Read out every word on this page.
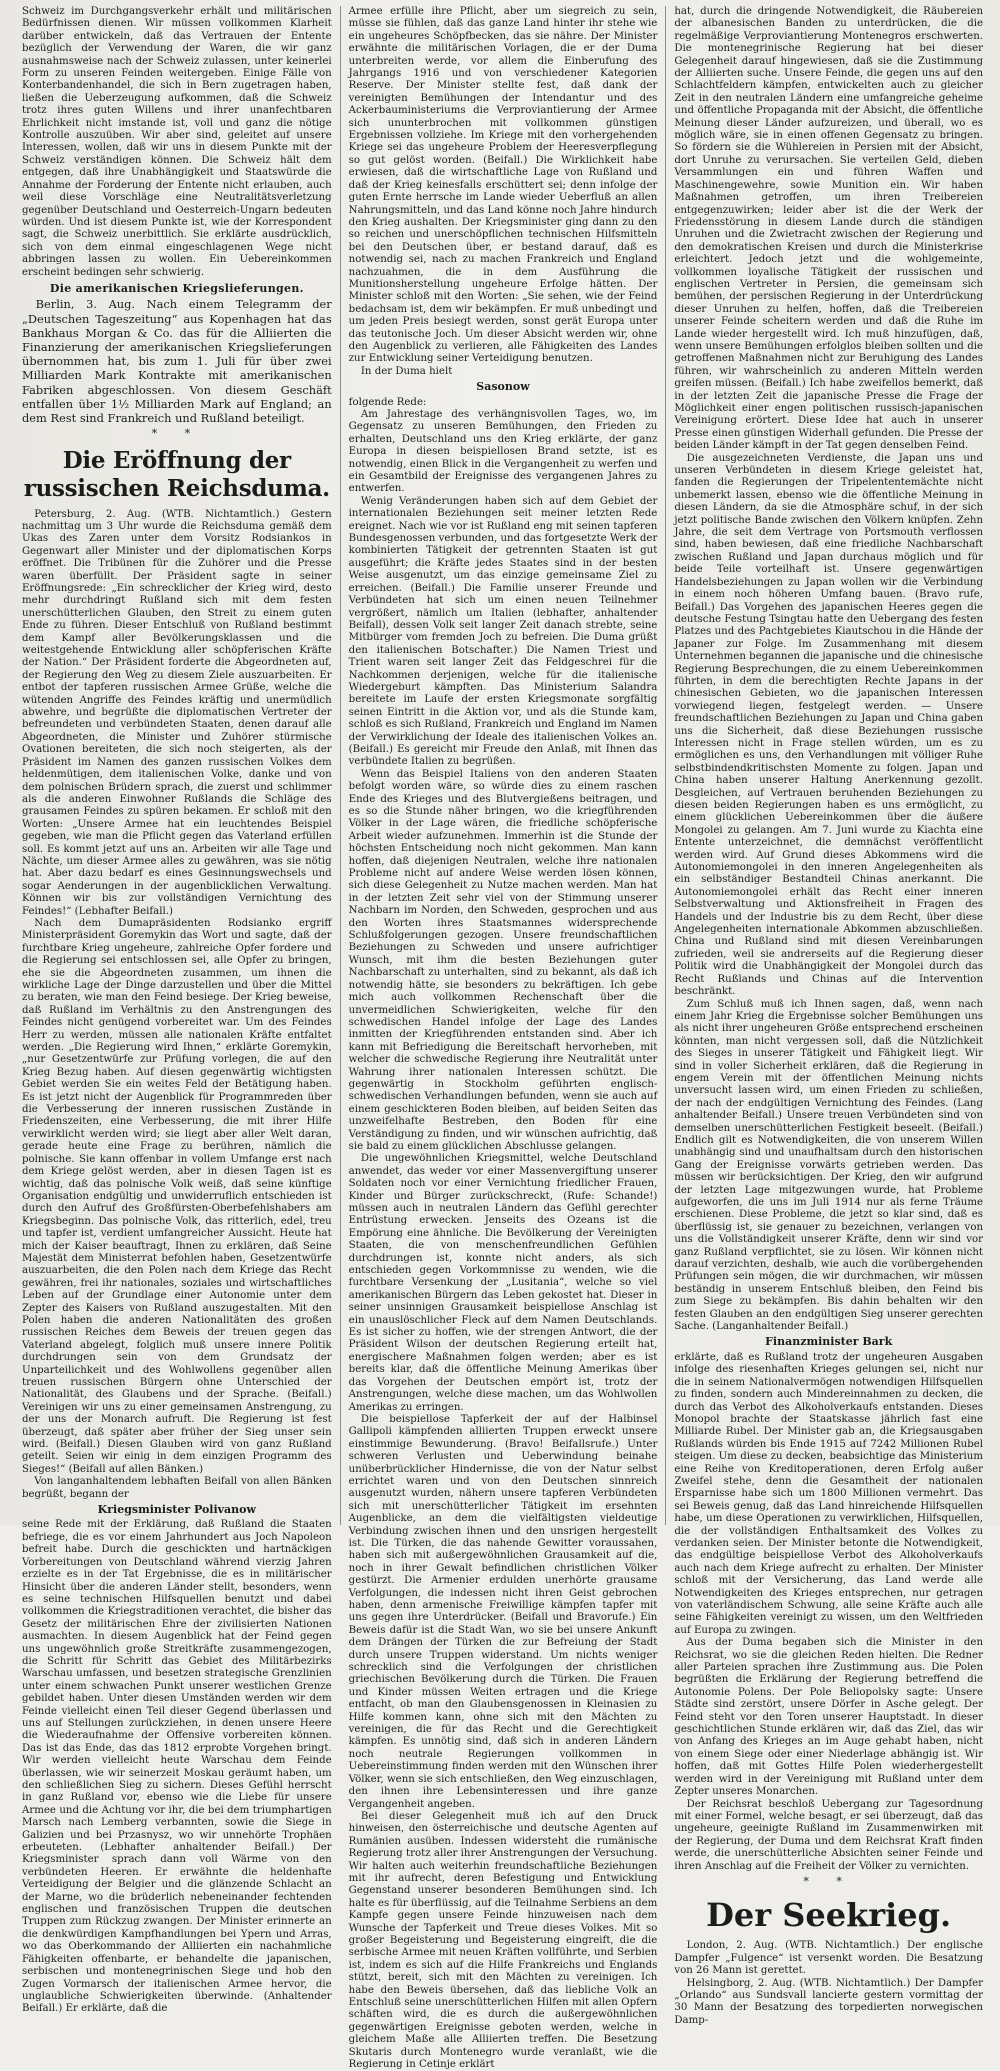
Schweiz im Durchgangsverkehr erhält und militärischen Bedürfnissen dienen. Wir müssen vollkommen Klarheit darüber entwickeln, daß das Vertrauen der Entente bezüglich der Verwendung der Waren, die wir ganz ausnahmsweise nach der Schweiz zulassen, unter keinerlei Form zu unseren Feinden weitergeben. Einige Fälle von Konterbandenhandel, die sich in Bern zugetragen haben, ließen die Ueberzeugung aufkommen, daß die Schweiz trotz ihres guten Willens und ihrer unanfechtbaren Ehrlichkeit nicht imstande ist, voll und ganz die nötige Kontrolle auszuüben. Wir aber sind, geleitet auf unsere Interessen, wollen, daß wir uns in diesem Punkte mit der Schweiz verständigen können. Die Schweiz hält dem entgegen, daß ihre Unabhängigkeit und Staatswürde die Annahme der Forderung der Entente nicht erlauben, auch weil diese Vorschläge eine Neutralitätsverletzung gegenüber Deutschland und Oesterreich-Ungarn bedeuten würden. Und ist diesem Punkte ist, wie der Korrespondent sagt, die Schweiz unerbittlich. Sie erklärte ausdrücklich, sich von dem einmal eingeschlagenen Wege nicht abbringen lassen zu wollen. Ein Uebereinkommen erscheint bedingen sehr schwierig.

Die amerikanischen Kriegslieferungen.

Berlin, 3. Aug. Nach einem Telegramm der „Deutschen Tageszeitung“ aus Kopenhagen hat das Bankhaus Morgan & Co. das für die Alliierten die Finanzierung der amerikanischen Kriegslieferungen übernommen hat, bis zum 1. Juli für über zwei Milliarden Mark Kontrakte mit amerikanischen Fabriken abgeschlossen. Von diesem Geschäft entfallen über 1½ Milliarden Mark auf England; an dem Rest sind Frankreich und Rußland beteiligt.

* *
Die Eröffnung der russischen Reichsduma.

Petersburg, 2. Aug. (WTB. Nichtamtlich.) Gestern nachmittag um 3 Uhr wurde die Reichsduma gemäß dem Ukas des Zaren unter dem Vorsitz Rodsiankos in Gegenwart aller Minister und der diplomatischen Korps eröffnet. Die Tribünen für die Zuhörer und die Presse waren überfüllt. Der Präsident sagte in seiner Eröffnungsrede: „Ein schrecklicher der Krieg wird, desto mehr durchdringt Rußland sich mit dem festen unerschütterlichen Glauben, den Streit zu einem guten Ende zu führen. Dieser Entschluß von Rußland bestimmt dem Kampf aller Bevölkerungsklassen und die weitestgehende Entwicklung aller schöpferischen Kräfte der Nation.“ Der Präsident forderte die Abgeordneten auf, der Regierung den Weg zu diesem Ziele auszuarbeiten. Er entbot der tapferen russischen Armee Grüße, welche die wütenden Angriffe des Feindes kräftig und unermüdlich abwehre, und begrüßte die diplomatischen Vertreter der befreundeten und verbündeten Staaten, denen darauf alle Abgeordneten, die Minister und Zuhörer stürmische Ovationen bereiteten, die sich noch steigerten, als der Präsident im Namen des ganzen russischen Volkes dem heldenmütigen, dem italienischen Volke, danke und von dem polnischen Brüdern sprach, die zuerst und schlimmer als die anderen Einwohner Rußlands die Schläge des grausamen Feindes zu spüren bekamen. Er schloß mit den Worten: „Unsere Armee hat ein leuchtendes Beispiel gegeben, wie man die Pflicht gegen das Vaterland erfüllen soll. Es kommt jetzt auf uns an. Arbeiten wir alle Tage und Nächte, um dieser Armee alles zu gewähren, was sie nötig hat. Aber dazu bedarf es eines Gesinnungswechsels und sogar Aenderungen in der augenblicklichen Verwaltung. Können wir bis zur vollständigen Vernichtung des Feindes!“ (Lebhafter Beifall.)

Nach dem Dumapräsidenten Rodsianko ergriff Ministerpräsident Goremykin das Wort und sagte, daß der furchtbare Krieg ungeheure, zahlreiche Opfer fordere und die Regierung sei entschlossen sei, alle Opfer zu bringen, ehe sie die Abgeordneten zusammen, um ihnen die wirkliche Lage der Dinge darzustellen und über die Mittel zu beraten, wie man den Feind besiege. Der Krieg beweise, daß Rußland im Verhältnis zu den Anstrengungen des Feindes nicht genügend vorbereitet war. Um des Feindes Herr zu werden, müssen alle nationalen Kräfte entfaltet werden. „Die Regierung wird Ihnen,“ erklärte Goremykin, „nur Gesetzentwürfe zur Prüfung vorlegen, die auf den Krieg Bezug haben. Auf diesen gegenwärtig wichtigsten Gebiet werden Sie ein weites Feld der Betätigung haben. Es ist jetzt nicht der Augenblick für Programmreden über die Verbesserung der inneren russischen Zustände in Friedenszeiten, eine Verbesserung, die mit ihrer Hilfe verwirklicht werden wird; sie liegt aber aller Welt daran, gerade heute eine Frage zu berühren, nämlich die polnische. Sie kann offenbar in vollem Umfange erst nach dem Kriege gelöst werden, aber in diesen Tagen ist es wichtig, daß das polnische Volk weiß, daß seine künftige Organisation endgültig und unwiderruflich entschieden ist durch den Aufruf des Großfürsten-Oberbefehlshabers am Kriegsbeginn. Das polnische Volk, das ritterlich, edel, treu und tapfer ist, verdient umfangreicher Aussicht. Heute hat mich der Kaiser beauftragt, Ihnen zu erklären, daß Seine Majestät dem Ministerrat befohlen haben, Gesetzentwürfe auszuarbeiten, die den Polen nach dem Kriege das Recht gewähren, frei ihr nationales, soziales und wirtschaftliches Leben auf der Grundlage einer Autonomie unter dem Zepter des Kaisers von Rußland auszugestalten. Mit den Polen haben die anderen Nationalitäten des großen russischen Reiches dem Beweis der treuen gegen das Vaterland abgelegt, folglich muß unsere innere Politik durchdrungen sein von dem Grundsatz der Unparteilichkeit und des Wohlwollens gegenüber allen treuen russischen Bürgern ohne Unterschied der Nationalität, des Glaubens und der Sprache. (Beifall.) Vereinigen wir uns zu einer gemeinsamen Anstrengung, zu der uns der Monarch aufruft. Die Regierung ist fest überzeugt, daß später aber früher der Sieg unser sein wird. (Beifall.) Diesen Glauben wird von ganz Rußland geteilt. Seien wir einig in dem einzigen Programm des Sieges!“ (Beifall auf allen Bänken.)

Von langanhaltendem lebhaften Beifall von allen Bänken begrüßt, begann der

Kriegsminister Polivanow

seine Rede mit der Erklärung, daß Rußland die Staaten befriege, die es vor einem Jahrhundert aus Joch Napoleon befreit habe. Durch die geschickten und hartnäckigen Vorbereitungen von Deutschland während vierzig Jahren erzielte es in der Tat Ergebnisse, die es in militärischer Hinsicht über die anderen Länder stellt, besonders, wenn es seine technischen Hilfsquellen benutzt und dabei vollkommen die Kriegstraditionen verachtet, die bisher das Gesetz der militärischen Ehre der zivilisierten Nationen ausmachten. In diesem Augenblick hat der Feind gegen uns ungewöhnlich große Streitkräfte zusammengezogen, die Schritt für Schritt das Gebiet des Militärbezirks Warschau umfassen, und besetzen strategische Grenzlinien unter einem schwachen Punkt unserer westlichen Grenze gebildet haben. Unter diesen Umständen werden wir dem Feinde vielleicht einen Teil dieser Gegend überlassen und uns auf Stellungen zurückziehen, in denen unsere Heere die Wiederaufnahme der Offensive vorbereiten können. Das ist das Ende, das das 1812 erprobte Vorgehen bringt. Wir werden vielleicht heute Warschau dem Feinde überlassen, wie wir seinerzeit Moskau geräumt haben, um den schließlichen Sieg zu sichern. Dieses Gefühl herrscht in ganz Rußland vor, ebenso wie die Liebe für unsere Armee und die Achtung vor ihr, die bei dem triumphartigen Marsch nach Lemberg verbannten, sowie die Siege in Galizien und bei Przasnysz, wo wir unnehörte Trophäen erbeuteten. (Lebhafter anhaltender Beifall.) Der Kriegsminister sprach dann voll Wärme von den verbündeten Heeren. Er erwähnte die heldenhafte Verteidigung der Belgier und die glänzende Schlacht an der Marne, wo die brüderlich nebeneinander fechtenden englischen und französischen Truppen die deutschen Truppen zum Rückzug zwangen. Der Minister erinnerte an die denkwürdigen Kampfhandlungen bei Ypern und Arras, wo das Oberkommando der Alliierten ein nachahmliche Fähigkeiten offenbarte, er behandelte die japanischen, serbischen und montenegrinischen Siege und hob den Zugen Vormarsch der italienischen Armee hervor, die unglaubliche Schwierigkeiten überwinde. (Anhaltender Beifall.) Er erklärte, daß die

Armee erfülle ihre Pflicht, aber um siegreich zu sein, müsse sie fühlen, daß das ganze Land hinter ihr stehe wie ein ungeheures Schöpfbecken, das sie nähre. Der Minister erwähnte die militärischen Vorlagen, die er der Duma unterbreiten werde, vor allem die Einberufung des Jahrgangs 1916 und von verschiedener Kategorien Reserve. Der Minister stellte fest, daß dank der vereinigten Bemühungen der Intendantur und des Ackerbauministeriums die Verproviantierung der Armee sich ununterbrochen mit vollkommen günstigen Ergebnissen vollziehe. Im Kriege mit den vorhergehenden Kriege sei das ungeheure Problem der Heeresverpflegung so gut gelöst worden. (Beifall.) Die Wirklichkeit habe erwiesen, daß die wirtschaftliche Lage von Rußland und daß der Krieg keinesfalls erschüttert sei; denn infolge der guten Ernte herrsche im Lande wieder Ueberfluß an allen Nahrungsmitteln, und das Land könne noch Jahre hindurch den Krieg aushalten. Der Kriegsminister ging dann zu den so reichen und unerschöpflichen technischen Hilfsmitteln bei den Deutschen über, er bestand darauf, daß es notwendig sei, nach zu machen Frankreich und England nachzuahmen, die in dem Ausführung die Munitionsherstellung ungeheure Erfolge hätten. Der Minister schloß mit den Worten: „Sie sehen, wie der Feind bedachsam ist, dem wir bekämpfen. Er muß unbedingt und um jeden Preis besiegt werden, sonst gerät Europa unter das teutonische Joch. Um dieser Absicht werden wir, ohne den Augenblick zu verlieren, alle Fähigkeiten des Landes zur Entwicklung seiner Verteidigung benutzen.

In der Duma hielt

Sasonow

folgende Rede:

Am Jahrestage des verhängnisvollen Tages, wo, im Gegensatz zu unseren Bemühungen, den Frieden zu erhalten, Deutschland uns den Krieg erklärte, der ganz Europa in diesen beispiellosen Brand setzte, ist es notwendig, einen Blick in die Vergangenheit zu werfen und ein Gesamtbild der Ereignisse des vergangenen Jahres zu entwerfen.

Wenig Veränderungen haben sich auf dem Gebiet der internationalen Beziehungen seit meiner letzten Rede ereignet. Nach wie vor ist Rußland eng mit seinen tapferen Bundesgenossen verbunden, und das fortgesetzte Werk der kombinierten Tätigkeit der getrennten Staaten ist gut ausgeführt; die Kräfte jedes Staates sind in der besten Weise ausgenutzt, um das einzige gemeinsame Ziel zu erreichen. (Beifall.) Die Familie unserer Freunde und Verbündeten hat sich um einen neuen Teilnehmer vergrößert, nämlich um Italien (lebhafter, anhaltender Beifall), dessen Volk seit langer Zeit danach strebte, seine Mitbürger vom fremden Joch zu befreien. Die Duma grüßt den italienischen Botschafter.) Die Namen Triest und Trient waren seit langer Zeit das Feldgeschrei für die Nachkommen derjenigen, welche für die italienische Wiedergeburt kämpften. Das Ministerium Salandra bereitete im Laufe der ersten Kriegsmonate sorgfältig seinen Eintritt in die Aktion vor, und als die Stunde kam, schloß es sich Rußland, Frankreich und England im Namen der Verwirklichung der Ideale des italienischen Volkes an. (Beifall.) Es gereicht mir Freude den Anlaß, mit Ihnen das verbündete Italien zu begrüßen.

Wenn das Beispiel Italiens von den anderen Staaten befolgt worden wäre, so würde dies zu einem raschen Ende des Krieges und des Blutvergießens beitragen, und es so die Stunde näher bringen, wo die kriegführenden Völker in der Lage wären, die friedliche schöpferische Arbeit wieder aufzunehmen. Immerhin ist die Stunde der höchsten Entscheidung noch nicht gekommen. Man kann hoffen, daß diejenigen Neutralen, welche ihre nationalen Probleme nicht auf andere Weise werden lösen können, sich diese Gelegenheit zu Nutze machen werden. Man hat in der letzten Zeit sehr viel von der Stimmung unserer Nachbarn im Norden, den Schweden, gesprochen und aus den Worten ihres Staatsmannes widersprechende Schlußfolgerungen gezogen. Unsere freundschaftlichen Beziehungen zu Schweden und unsere aufrichtiger Wunsch, mit ihm die besten Beziehungen guter Nachbarschaft zu unterhalten, sind zu bekannt, als daß ich notwendig hätte, sie besonders zu bekräftigen. Ich gebe mich auch vollkommen Rechenschaft über die unvermeidlichen Schwierigkeiten, welche für den schwedischen Handel infolge der Lage des Landes inmitten der Kriegführenden entstanden sind. Aber ich kann mit Befriedigung die Bereitschaft hervorheben, mit welcher die schwedische Regierung ihre Neutralität unter Wahrung ihrer nationalen Interessen schützt. Die gegenwärtig in Stockholm geführten englisch-schwedischen Verhandlungen befunden, wenn sie auch auf einem geschickteren Boden bleiben, auf beiden Seiten das unzweifelhafte Bestreben, den Boden für eine Verständigung zu finden, und wir wünschen aufrichtig, daß sie bald zu einem glücklichen Abschlusse gelangen.

Die ungewöhnlichen Kriegsmittel, welche Deutschland anwendet, das weder vor einer Massenvergiftung unserer Soldaten noch vor einer Vernichtung friedlicher Frauen, Kinder und Bürger zurückschreckt, (Rufe: Schande!) müssen auch in neutralen Ländern das Gefühl gerechter Entrüstung erwecken. Jenseits des Ozeans ist die Empörung eine ähnliche. Die Bevölkerung der Vereinigten Staaten, die von menschenfreundlichen Gefühlen durchdrungen ist, konnte nicht anders, als sich entschieden gegen Vorkommnisse zu wenden, wie die furchtbare Versenkung der „Lusitania“, welche so viel amerikanischen Bürgern das Leben gekostet hat. Dieser in seiner unsinnigen Grausamkeit beispiellose Anschlag ist ein unauslöschlicher Fleck auf dem Namen Deutschlands. Es ist sicher zu hoffen, wie der strengen Antwort, die der Präsident Wilson der deutschen Regierung erteilt hat, energischere Maßnahmen folgen werden; aber es ist bereits klar, daß die öffentliche Meinung Amerikas über das Vorgehen der Deutschen empört ist, trotz der Anstrengungen, welche diese machen, um das Wohlwollen Amerikas zu erringen.

Die beispiellose Tapferkeit der auf der Halbinsel Gallipoli kämpfenden alliierten Truppen erweckt unsere einstimmige Bewunderung. (Bravo! Beifallsrufe.) Unter schweren Verlusten und Ueberwindung beinahe unüberbrücklicher Hindernisse, die von der Natur selbst errichtet waren und von den Deutschen sinnreich ausgenutzt wurden, nähern unsere tapferen Verbündeten sich mit unerschütterlicher Tätigkeit im ersehnten Augenblicke, an dem die vielfältigsten vieldeutige Verbindung zwischen ihnen und den unsrigen hergestellt ist. Die Türken, die das nahende Gewitter voraussahen, haben sich mit außergewöhnlichen Grausamkeit auf die, noch in ihrer Gewalt befindlichen christlichen Völker gestürzt. Die Armenier erdulden unerhörte grausame Verfolgungen, die indessen nicht ihren Geist gebrochen haben, denn armenische Freiwillige kämpfen tapfer mit uns gegen ihre Unterdrücker. (Beifall und Bravorufe.) Ein Beweis dafür ist die Stadt Wan, wo sie bei unsere Ankunft dem Drängen der Türken die zur Befreiung der Stadt durch unsere Truppen widerstand. Um nichts weniger schrecklich sind die Verfolgungen der christlichen griechischen Bevölkerung durch die Türken. Die Frauen und Kinder müssen Weiten ertragen und die Kriege entfacht, ob man den Glaubensgenossen in Kleinasien zu Hilfe kommen kann, ohne sich mit den Mächten zu vereinigen, die für das Recht und die Gerechtigkeit kämpfen. Es unnötig sind, daß sich in anderen Ländern noch neutrale Regierungen vollkommen in Uebereinstimmung finden werden mit den Wünschen ihrer Völker, wenn sie sich entschließen, den Weg einzuschlagen, den ihnen ihre Lebensinteressen und ihre ganze Vergangenheit angeben.

Bei dieser Gelegenheit muß ich auf den Druck hinweisen, den österreichische und deutsche Agenten auf Rumänien ausüben. Indessen widersteht die rumänische Regierung trotz aller ihrer Anstrengungen der Versuchung. Wir halten auch weiterhin freundschaftliche Beziehungen mit ihr aufrecht, deren Befestigung und Entwicklung Gegenstand unserer besonderen Bemühungen sind. Ich halte es für überflüssig, auf die Teilnahme Serbiens an dem Kampfe gegen unsere Feinde hinzuweisen nach dem Wunsche der Tapferkeit und Treue dieses Volkes. Mit so großer Begeisterung und Begeisterung eingreift, die die serbische Armee mit neuen Kräften vollführte, und Serbien ist, indem es sich auf die Hilfe Frankreichs und Englands stützt, bereit, sich mit den Mächten zu vereinigen. Ich habe den Beweis übersehen, daß das liebliche Volk an Entschluß seine unerschütterlichen Hilfen mit allen Opfern schäften wird, die es durch die außergewöhnlichen gegenwärtigen Ereignisse geboten werden, welche in gleichem Maße alle Alliierten treffen. Die Besetzung Skutaris durch Montenegro wurde veranlaßt, wie die Regierung in Cetinje erklärt

hat, durch die dringende Notwendigkeit, die Räubereien der albanesischen Banden zu unterdrücken, die die regelmäßige Verproviantierung Montenegros erschwerten. Die montenegrinische Regierung hat bei dieser Gelegenheit darauf hingewiesen, daß sie die Zustimmung der Alliierten suche. Unsere Feinde, die gegen uns auf den Schlachtfeldern kämpfen, entwickelten auch zu gleicher Zeit in den neutralen Ländern eine umfangreiche geheime und öffentliche Propaganda mit der Absicht, die öffentliche Meinung dieser Länder aufzureizen, und überall, wo es möglich wäre, sie in einen offenen Gegensatz zu bringen. So fördern sie die Wühlereien in Persien mit der Absicht, dort Unruhe zu verursachen. Sie verteilen Geld, dieben Versammlungen ein und führen Waffen und Maschinengewehre, sowie Munition ein. Wir haben Maßnahmen getroffen, um ihren Treibereien entgegenzuwirken; leider aber ist die der Werk der Friedensstörung in diesem Lande durch die ständigen Unruhen und die Zwietracht zwischen der Regierung und den demokratischen Kreisen und durch die Ministerkrise erleichtert. Jedoch jetzt und die wohlgemeinte, vollkommen loyalische Tätigkeit der russischen und englischen Vertreter in Persien, die gemeinsam sich bemühen, der persischen Regierung in der Unterdrückung dieser Unruhen zu helfen, hoffen, daß die Treibereien unserer Feinde scheitern werden und daß die Ruhe im Lande wieder hergestellt wird. Ich muß hinzufügen, daß, wenn unsere Bemühungen erfolglos bleiben sollten und die getroffenen Maßnahmen nicht zur Beruhigung des Landes führen, wir wahrscheinlich zu anderen Mitteln werden greifen müssen. (Beifall.) Ich habe zweifellos bemerkt, daß in der letzten Zeit die japanische Presse die Frage der Möglichkeit einer engen politischen russisch-japanischen Vereinigung erörtert. Diese Idee hat auch in unserer Presse einen günstigen Widerhall gefunden. Die Presse der beiden Länder kämpft in der Tat gegen denselben Feind.

Die ausgezeichneten Verdienste, die Japan uns und unseren Verbündeten in diesem Kriege geleistet hat, fanden die Regierungen der Tripelententemächte nicht unbemerkt lassen, ebenso wie die öffentliche Meinung in diesen Ländern, da sie die Atmosphäre schuf, in der sich jetzt politische Bande zwischen den Völkern knüpfen. Zehn Jahre, die seit dem Vertrage von Portsmouth verflossen sind, haben bewiesen, daß eine friedliche Nachbarschaft zwischen Rußland und Japan durchaus möglich und für beide Teile vorteilhaft ist. Unsere gegenwärtigen Handelsbeziehungen zu Japan wollen wir die Verbindung in einem noch höheren Umfang bauen. (Bravo rufe, Beifall.) Das Vorgehen des japanischen Heeres gegen die deutsche Festung Tsingtau hatte den Uebergang des festen Platzes und des Pachtgebietes Kiautschou in die Hände der Japaner zur Folge. Im Zusammenhang mit diesem Unternehmen begannen die japanische und die chinesische Regierung Besprechungen, die zu einem Uebereinkommen führten, in dem die berechtigten Rechte Japans in der chinesischen Gebieten, wo die japanischen Interessen vorwiegend liegen, festgelegt werden. — Unsere freundschaftlichen Beziehungen zu Japan und China gaben uns die Sicherheit, daß diese Beziehungen russische Interessen nicht in Frage stellen würden, um es zu ermöglichen es uns, den Verhandlungen mit völliger Ruhe selbstbindendkritischsten Momente zu folgen. Japan und China haben unserer Haltung Anerkennung gezollt. Desgleichen, auf Vertrauen beruhenden Beziehungen zu diesen beiden Regierungen haben es uns ermöglicht, zu einem glücklichen Uebereinkommen über die äußere Mongolei zu gelangen. Am 7. Juni wurde zu Kiachta eine Entente unterzeichnet, die demnächst veröffentlicht werden wird. Auf Grund dieses Abkommens wird die Autonomiemongolei in den inneren Angelegenheiten als ein selbständiger Bestandteil Chinas anerkannt. Die Autonomiemongolei erhält das Recht einer inneren Selbstverwaltung und Aktionsfreiheit in Fragen des Handels und der Industrie bis zu dem Recht, über diese Angelegenheiten internationale Abkommen abzuschließen. China und Rußland sind mit diesen Vereinbarungen zufrieden, weil sie andrerseits auf die Regierung dieser Politik wird die Unabhängigkeit der Mongolei durch das Recht Rußlands und Chinas auf die Intervention beschränkt.

Zum Schluß muß ich Ihnen sagen, daß, wenn nach einem Jahr Krieg die Ergebnisse solcher Bemühungen uns als nicht ihrer ungeheuren Größe entsprechend erscheinen könnten, man nicht vergessen soll, daß die Nützlichkeit des Sieges in unserer Tätigkeit und Fähigkeit liegt. Wir sind in voller Sicherheit erklären, daß die Regierung in engem Verein mit der öffentlichen Meinung nichts unversucht lassen wird, um einen Frieden zu schließen, der nach der endgültigen Vernichtung des Feindes. (Lang anhaltender Beifall.) Unsere treuen Verbündeten sind von demselben unerschütterlichen Festigkeit beseelt. (Beifall.) Endlich gilt es Notwendigkeiten, die von unserem Willen unabhängig sind und unaufhaltsam durch den historischen Gang der Ereignisse vorwärts getrieben werden. Das müssen wir berücksichtigen. Der Krieg, den wir aufgrund der letzten Lage mitgezwungen wurde, hat Probleme aufgeworfen, die uns im Juli 1914 nur als ferne Träume erschienen. Diese Probleme, die jetzt so klar sind, daß es überflüssig ist, sie genauer zu bezeichnen, verlangen von uns die Vollständigkeit unserer Kräfte, denn wir sind vor ganz Rußland verpflichtet, sie zu lösen. Wir können nicht darauf verzichten, deshalb, wie auch die vorübergehenden Prüfungen sein mögen, die wir durchmachen, wir müssen beständig in unserem Entschluß bleiben, den Feind bis zum Siege zu bekämpfen. Bis dahin behalten wir den festen Glauben an den endgültigen Sieg unserer gerechten Sache. (Langanhaltender Beifall.)

Finanzminister Bark

erklärte, daß es Rußland trotz der ungeheuren Ausgaben infolge des riesenhaften Krieges gelungen sei, nicht nur die in seinem Nationalvermögen notwendigen Hilfsquellen zu finden, sondern auch Mindereinnahmen zu decken, die durch das Verbot des Alkoholverkaufs entstanden. Dieses Monopol brachte der Staatskasse jährlich fast eine Milliarde Rubel. Der Minister gab an, die Kriegsausgaben Rußlands würden bis Ende 1915 auf 7242 Millionen Rubel steigen. Um diese zu decken, beabsichtige das Ministerium eine Reihe von Kreditoperationen, deren Erfolg außer Zweifel stehe, denn die Gesamtheit der nationalen Ersparnisse habe sich um 1800 Millionen vermehrt. Das sei Beweis genug, daß das Land hinreichende Hilfsquellen habe, um diese Operationen zu verwirklichen, Hilfsquellen, die der vollständigen Enthaltsamkeit des Volkes zu verdanken seien. Der Minister betonte die Notwendigkeit, das endgültige beispiellose Verbot des Alkoholverkaufs auch nach dem Kriege aufrecht zu erhalten. Der Minister schloß mit der Versicherung, das Land werde alle Notwendigkeiten des Krieges entsprechen, nur getragen von vaterländischem Schwung, alle seine Kräfte auch alle seine Fähigkeiten vereinigt zu wissen, um den Weltfrieden auf Europa zu zwingen.

Aus der Duma begaben sich die Minister in den Reichsrat, wo sie die gleichen Reden hielten. Die Redner aller Parteien sprachen ihre Zustimmung aus. Die Polen begrüßten die Erklärung der Regierung betreffend die Autonomie Polens. Der Pole Beliopolsky sagte: Unsere Städte sind zerstört, unsere Dörfer in Asche gelegt. Der Feind steht vor den Toren unserer Hauptstadt. In dieser geschichtlichen Stunde erklären wir, daß das Ziel, das wir von Anfang des Krieges an im Auge gehabt haben, nicht von einem Siege oder einer Niederlage abhängig ist. Wir hoffen, daß mit Gottes Hilfe Polen wiederhergestellt werden wird in der Vereinigung mit Rußland unter dem Zepter unseres Monarchen.

Der Reichsrat beschloß Uebergang zur Tagesordnung mit einer Formel, welche besagt, er sei überzeugt, daß das ungeheure, geeinigte Rußland im Zusammenwirken mit der Regierung, der Duma und dem Reichsrat Kraft finden werde, die unerschütterliche Absichten seiner Feinde und ihren Anschlag auf die Freiheit der Völker zu vernichten.

* *
Der Seekrieg.

London, 2. Aug. (WTB. Nichtamtlich.) Der englische Dampfer „Fulgence“ ist versenkt worden. Die Besatzung von 26 Mann ist gerettet.

Helsingborg, 2. Aug. (WTB. Nichtamtlich.) Der Dampfer „Orlando“ aus Sundsvall lancierte gestern vormittag der 30 Mann der Besatzung des torpedierten norwegischen Damp-
